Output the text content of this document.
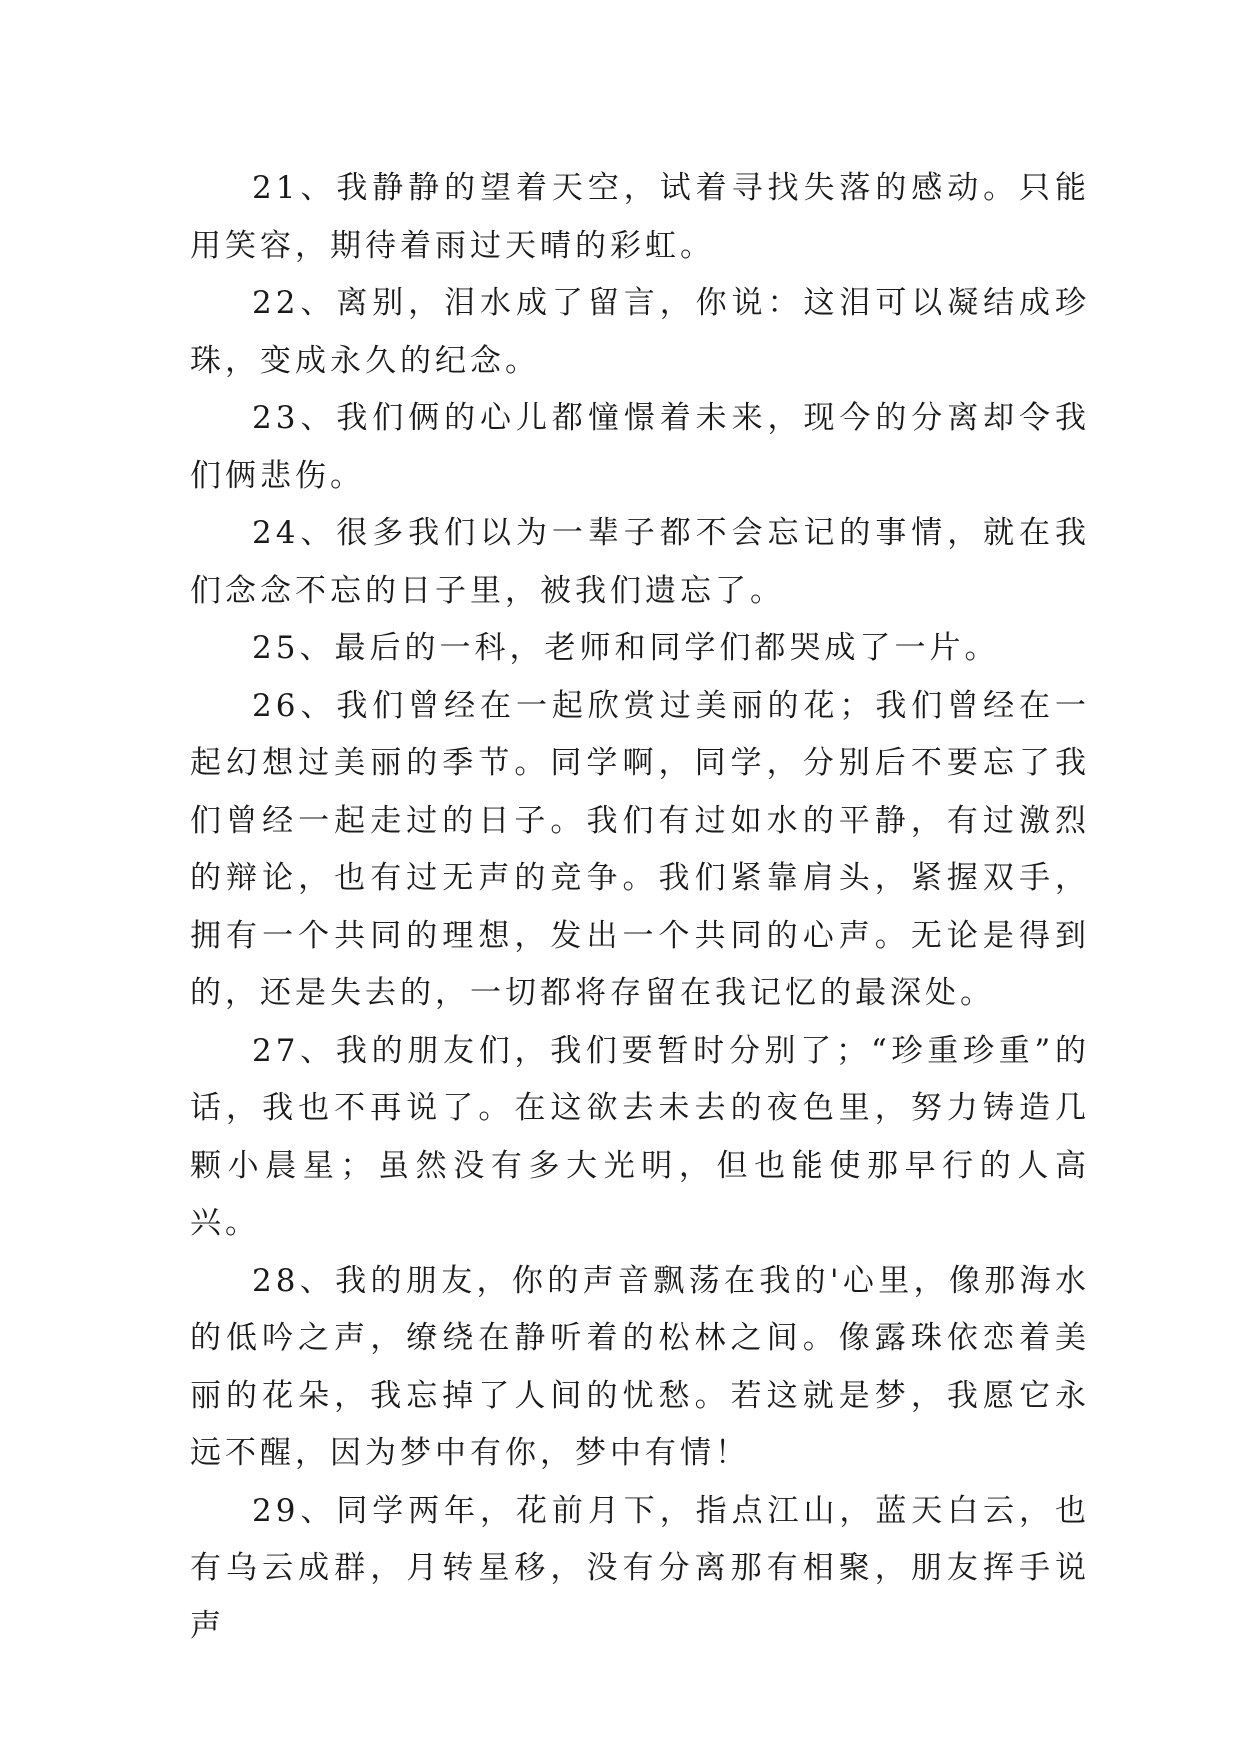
21、我静静的望着天空，试着寻找失落的感动。只能用笑容，期待着雨过天晴的彩虹。

22、离别，泪水成了留言，你说：这泪可以凝结成珍珠，变成永久的纪念。

23、我们俩的心儿都憧憬着未来，现今的分离却令我们俩悲伤。

24、很多我们以为一辈子都不会忘记的事情，就在我们念念不忘的日子里，被我们遗忘了。

25、最后的一科，老师和同学们都哭成了一片。

26、我们曾经在一起欣赏过美丽的花；我们曾经在一起幻想过美丽的季节。同学啊，同学，分别后不要忘了我们曾经一起走过的日子。我们有过如水的平静，有过激烈的辩论，也有过无声的竞争。我们紧靠肩头，紧握双手，拥有一个共同的理想，发出一个共同的心声。无论是得到的，还是失去的，一切都将存留在我记忆的最深处。

27、我的朋友们，我们要暂时分别了；“珍重珍重”的话，我也不再说了。在这欲去未去的夜色里，努力铸造几颗小晨星；虽然没有多大光明，但也能使那早行的人高兴。

28、我的朋友，你的声音飘荡在我的'心里，像那海水的低吟之声，缭绕在静听着的松林之间。像露珠依恋着美丽的花朵，我忘掉了人间的忧愁。若这就是梦，我愿它永远不醒，因为梦中有你，梦中有情！

29、同学两年，花前月下，指点江山，蓝天白云，也有乌云成群，月转星移，没有分离那有相聚，朋友挥手说声
